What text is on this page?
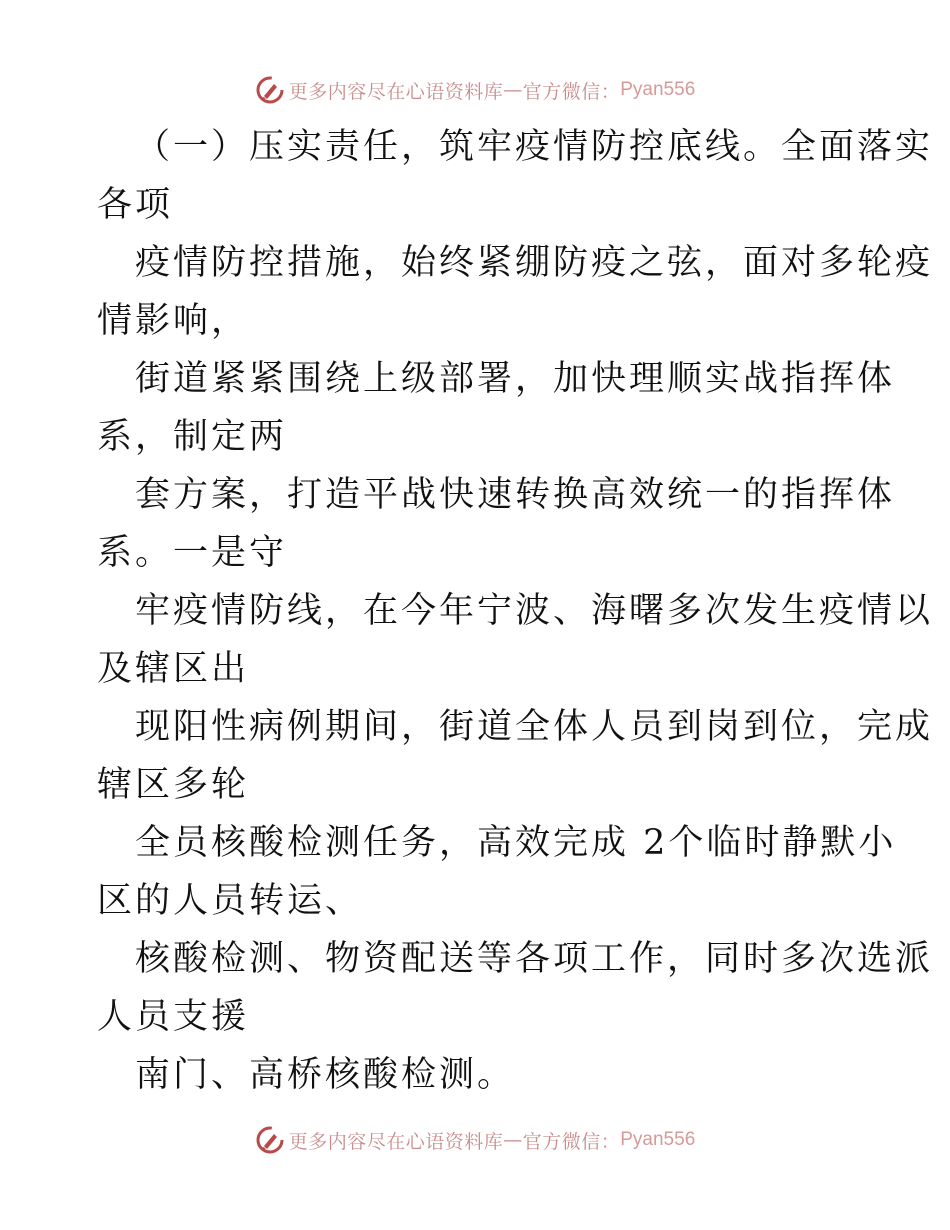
更多内容尽在心语资料库 — 官方微信： Pyan556
（一）压实责任，筑牢疫情防控底线。全面落实
各项
疫情防控措施，始终紧绷防疫之弦，面对多轮疫
情影响，
街道紧紧围绕上级部署，加快理顺实战指挥体
系，制定两
套方案，打造平战快速转换高效统一的指挥体
系。一是守
牢疫情防线，在今年宁波、海曙多次发生疫情以
及辖区出
现阳性病例期间，街道全体人员到岗到位，完成
辖区多轮
全员核酸检测任务，高效完成 2个临时静默小
区的人员转运、
核酸检测、物资配送等各项工作，同时多次选派
人员支援
南门、高桥核酸检测。
更多内容尽在心语资料库 — 官方微信： Pyan556
